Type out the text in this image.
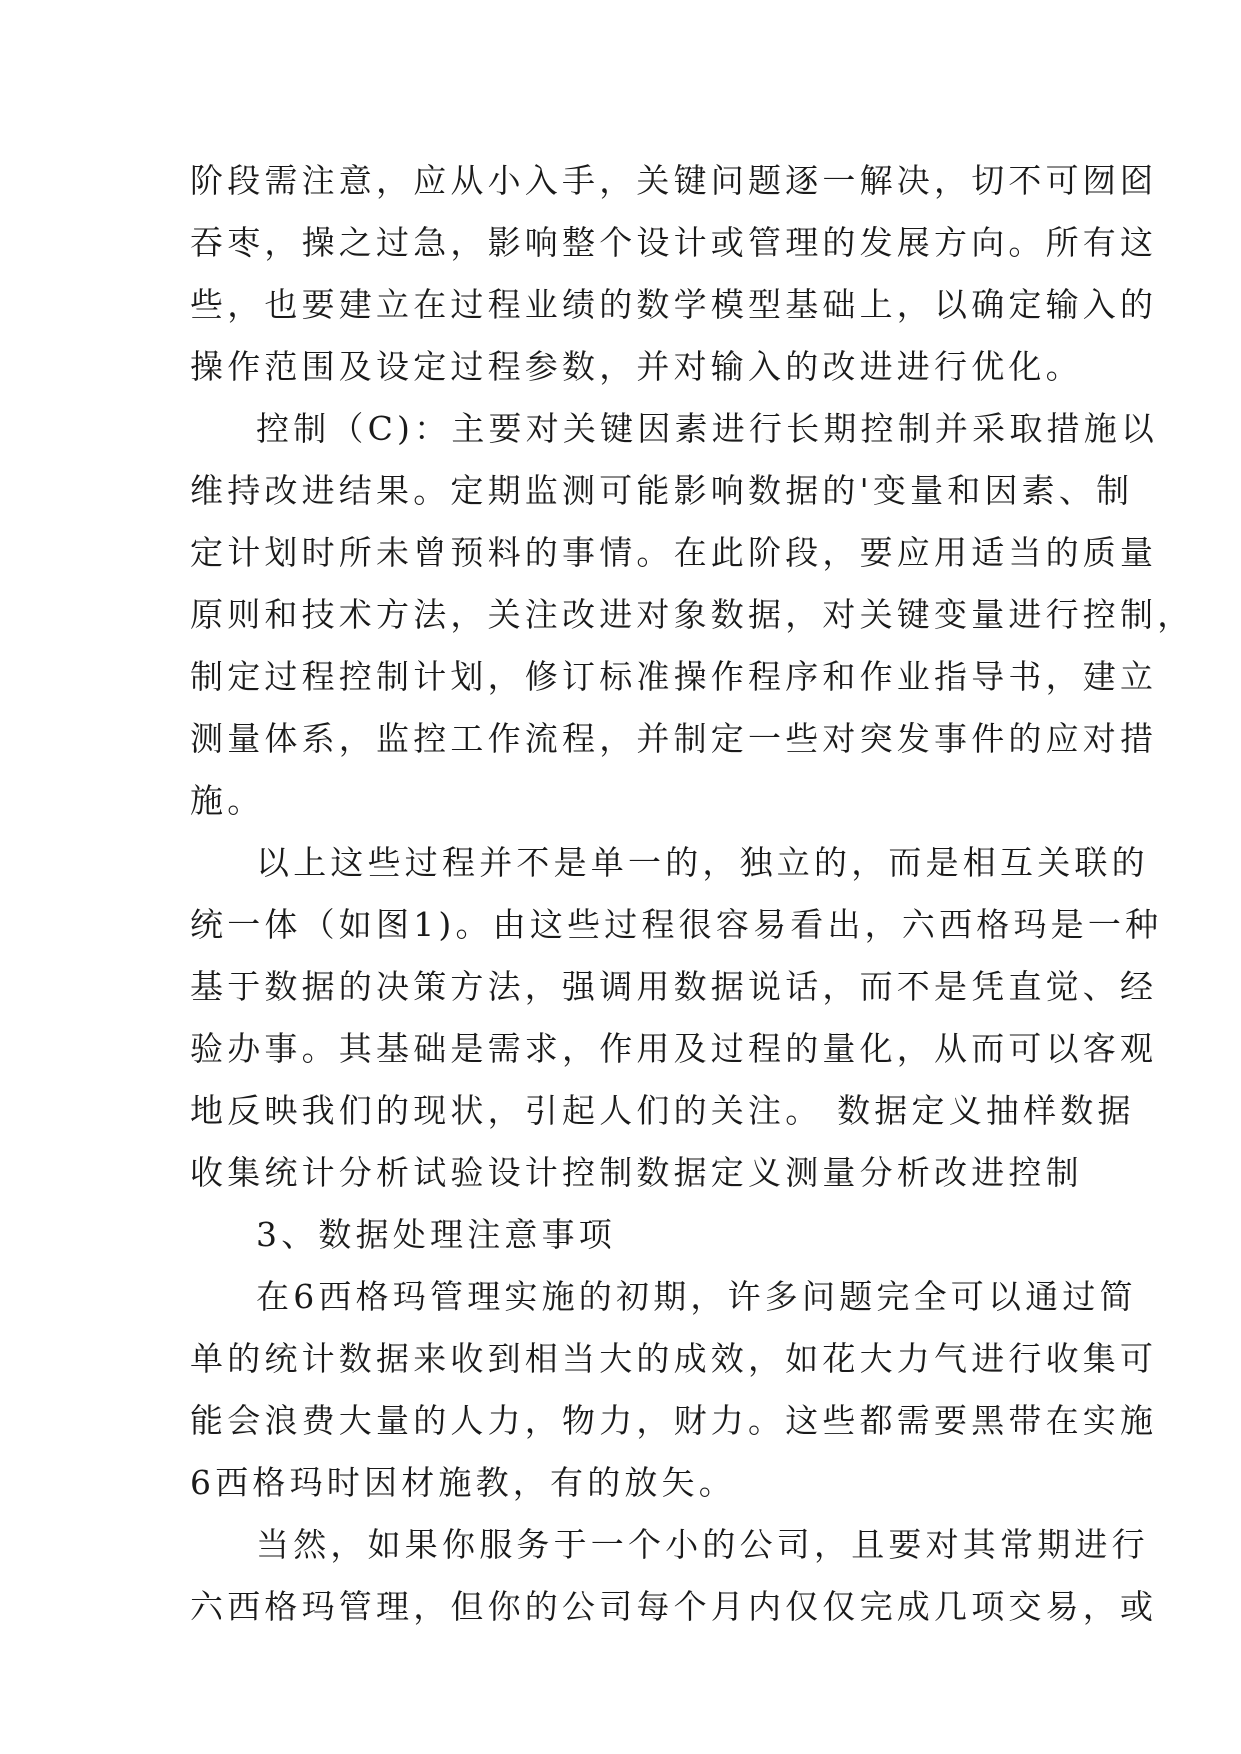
阶段需注意，应从小入手，关键问题逐一解决，切不可囫囵
吞枣，操之过急，影响整个设计或管理的发展方向。所有这
些，也要建立在过程业绩的数学模型基础上，以确定输入的
操作范围及设定过程参数，并对输入的改进进行优化。
控制（C)：主要对关键因素进行长期控制并采取措施以
维持改进结果。定期监测可能影响数据的'变量和因素、制
定计划时所未曾预料的事情。在此阶段，要应用适当的质量
原则和技术方法，关注改进对象数据，对关键变量进行控制，
制定过程控制计划，修订标准操作程序和作业指导书，建立
测量体系，监控工作流程，并制定一些对突发事件的应对措
施。
以上这些过程并不是单一的，独立的，而是相互关联的
统一体（如图1)。由这些过程很容易看出，六西格玛是一种
基于数据的决策方法，强调用数据说话，而不是凭直觉、经
验办事。其基础是需求，作用及过程的量化，从而可以客观
地反映我们的现状，引起人们的关注。 数据定义抽样数据
收集统计分析试验设计控制数据定义测量分析改进控制
3、数据处理注意事项
在6西格玛管理实施的初期，许多问题完全可以通过简
单的统计数据来收到相当大的成效，如花大力气进行收集可
能会浪费大量的人力，物力，财力。这些都需要黑带在实施
6西格玛时因材施教，有的放矢。
当然，如果你服务于一个小的公司，且要对其常期进行
六西格玛管理，但你的公司每个月内仅仅完成几项交易，或
